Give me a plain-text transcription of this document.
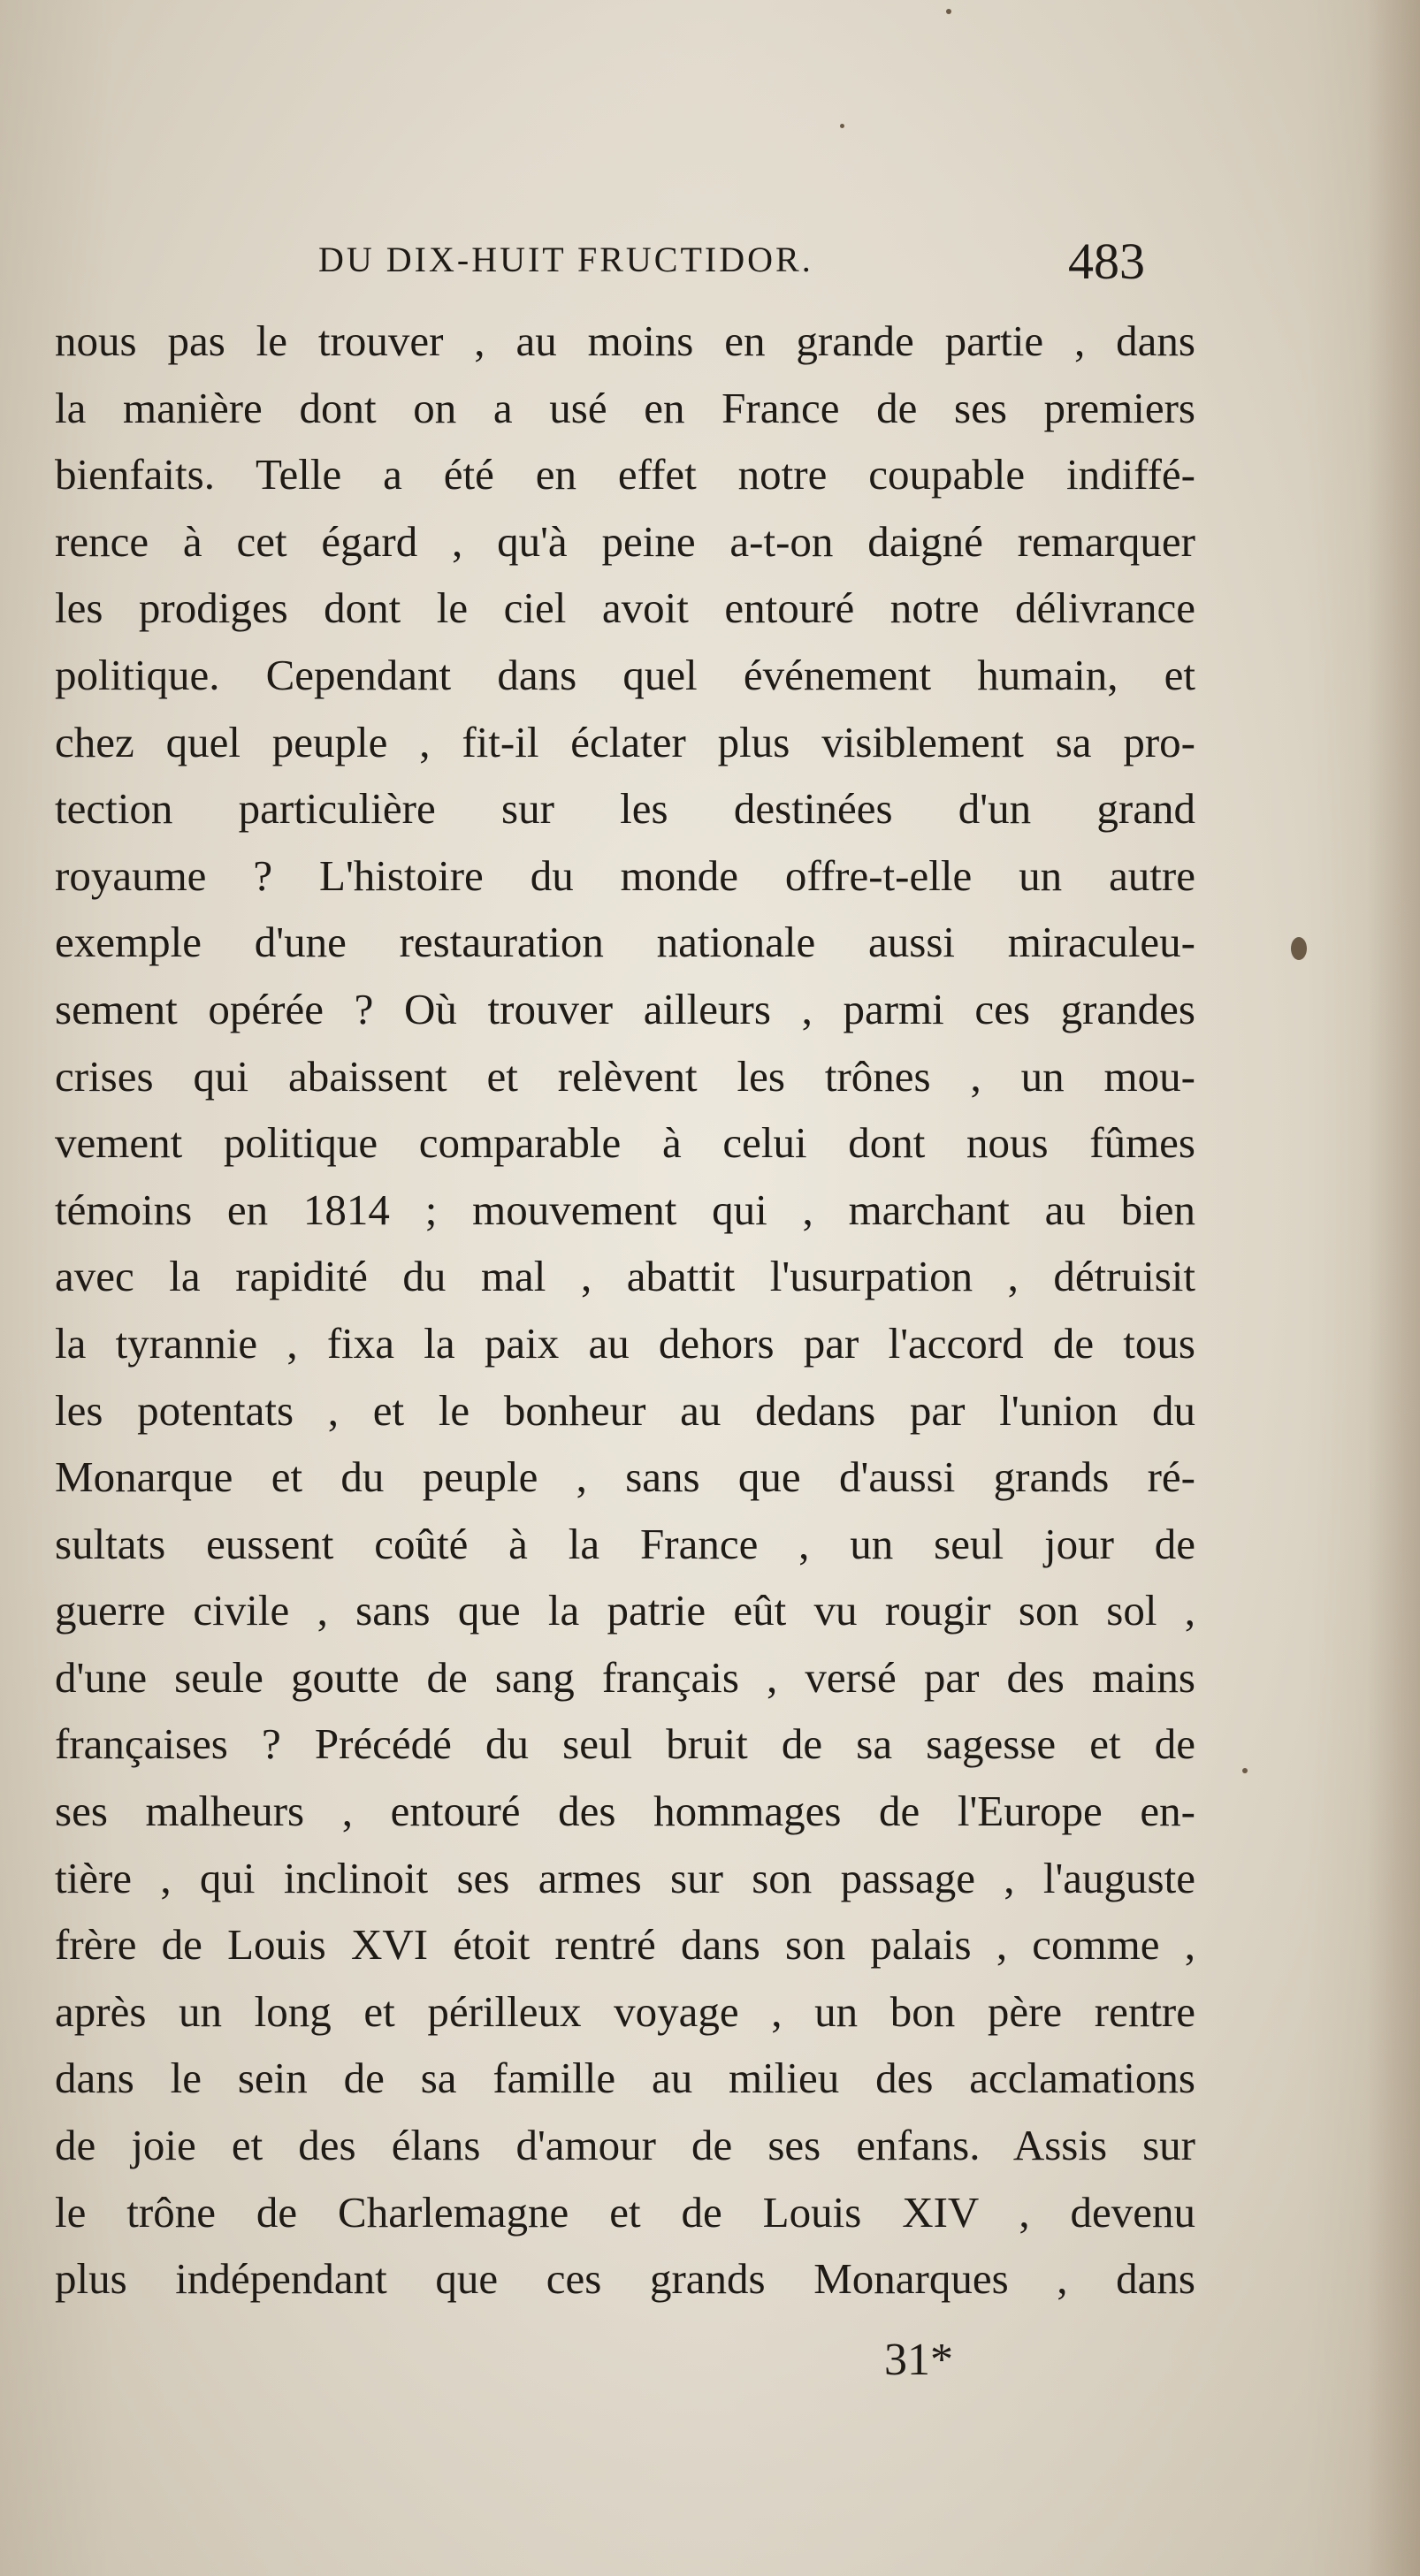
DU DIX-HUIT FRUCTIDOR.	483
nous pas le trouver , au moins en grande partie , dans
la manière dont on a usé en France de ses premiers
bienfaits. Telle a été en effet notre coupable indiffé-
rence à cet égard , qu'à peine a-t-on daigné remarquer
les prodiges dont le ciel avoit entouré notre délivrance
politique. Cependant dans quel événement humain, et
chez quel peuple , fit-il éclater plus visiblement sa pro-
tection particulière sur les destinées d'un grand
royaume ? L'histoire du monde offre-t-elle un autre
exemple d'une restauration nationale aussi miraculeu-
sement opérée ? Où trouver ailleurs , parmi ces grandes
crises qui abaissent et relèvent les trônes , un mou-
vement politique comparable à celui dont nous fûmes
témoins en 1814 ; mouvement qui , marchant au bien
avec la rapidité du mal , abattit l'usurpation , détruisit
la tyrannie , fixa la paix au dehors par l'accord de tous
les potentats , et le bonheur au dedans par l'union du
Monarque et du peuple , sans que d'aussi grands ré-
sultats eussent coûté à la France , un seul jour de
guerre civile , sans que la patrie eût vu rougir son sol ,
d'une seule goutte de sang français , versé par des mains
françaises ? Précédé du seul bruit de sa sagesse et de
ses malheurs , entouré des hommages de l'Europe en-
tière , qui inclinoit ses armes sur son passage , l'auguste
frère de Louis XVI étoit rentré dans son palais , comme ,
après un long et périlleux voyage , un bon père rentre
dans le sein de sa famille au milieu des acclamations
de joie et des élans d'amour de ses enfans. Assis sur
le trône de Charlemagne et de Louis XIV , devenu
plus indépendant que ces grands Monarques , dans
31*
